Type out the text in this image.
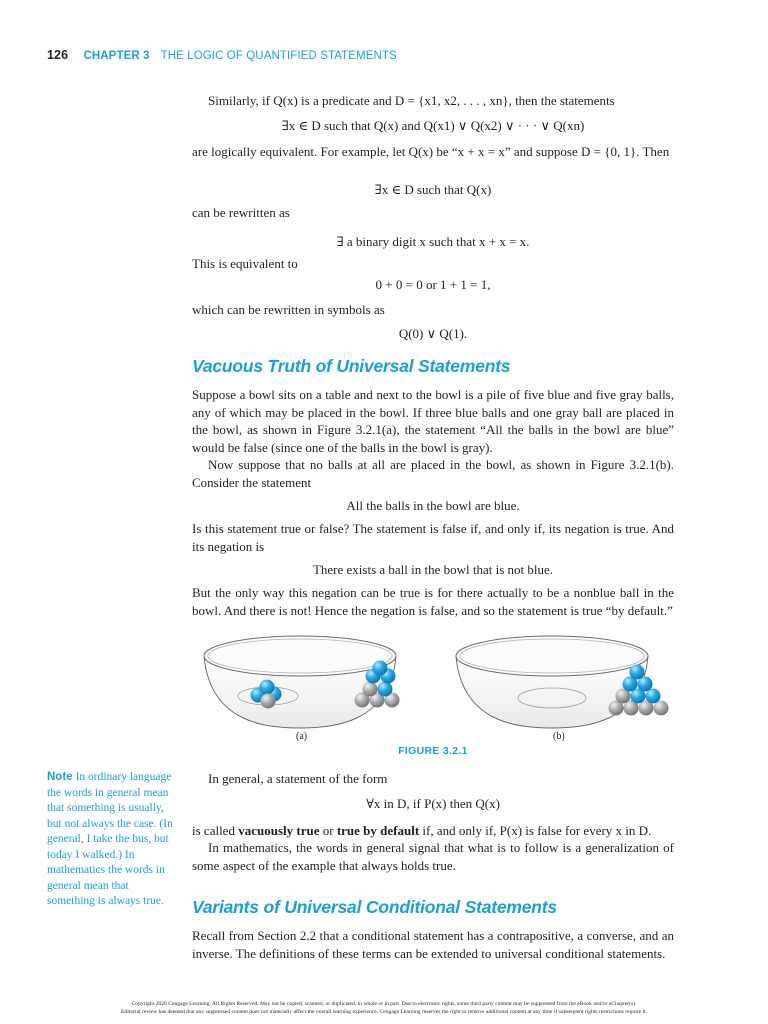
126 CHAPTER 3 THE LOGIC OF QUANTIFIED STATEMENTS
Similarly, if Q(x) is a predicate and D = {x1, x2, . . . , xn}, then the statements
∃x ∈ D such that Q(x) and Q(x1) ∨ Q(x2) ∨ · · · ∨ Q(xn)
are logically equivalent. For example, let Q(x) be “x + x = x” and suppose D = {0, 1}. Then
∃x ∈ D such that Q(x)
can be rewritten as
∃ a binary digit x such that x + x = x.
This is equivalent to
0 + 0 = 0 or 1 + 1 = 1,
which can be rewritten in symbols as
Q(0) ∨ Q(1).
Vacuous Truth of Universal Statements
Suppose a bowl sits on a table and next to the bowl is a pile of five blue and five gray balls, any of which may be placed in the bowl. If three blue balls and one gray ball are placed in the bowl, as shown in Figure 3.2.1(a), the statement “All the balls in the bowl are blue” would be false (since one of the balls in the bowl is gray).
Now suppose that no balls at all are placed in the bowl, as shown in Figure 3.2.1(b). Consider the statement
All the balls in the bowl are blue.
Is this statement true or false? The statement is false if, and only if, its negation is true. And its negation is
There exists a ball in the bowl that is not blue.
But the only way this negation can be true is for there actually to be a nonblue ball in the bowl. And there is not! Hence the negation is false, and so the statement is true “by default.”
(a)	(b)
FIGURE 3.2.1
Note In ordinary language the words in general mean that something is usually, but not always the case. (In general, I take the bus, but today I walked.) In mathematics the words in general mean that something is always true.
In general, a statement of the form
∀x in D, if P(x) then Q(x)
is called vacuously true or true by default if, and only if, P(x) is false for every x in D.
In mathematics, the words in general signal that what is to follow is a generalization of some aspect of the example that always holds true.
Variants of Universal Conditional Statements
Recall from Section 2.2 that a conditional statement has a contrapositive, a converse, and an inverse. The definitions of these terms can be extended to universal conditional statements.
Copyright 2020 Cengage Learning. All Rights Reserved. May not be copied, scanned, or duplicated, in whole or in part. Due to electronic rights, some third party content may be suppressed from the eBook and/or eChapter(s).
Editorial review has deemed that any suppressed content does not materially affect the overall learning experience. Cengage Learning reserves the right to remove additional content at any time if subsequent rights restrictions require it.
